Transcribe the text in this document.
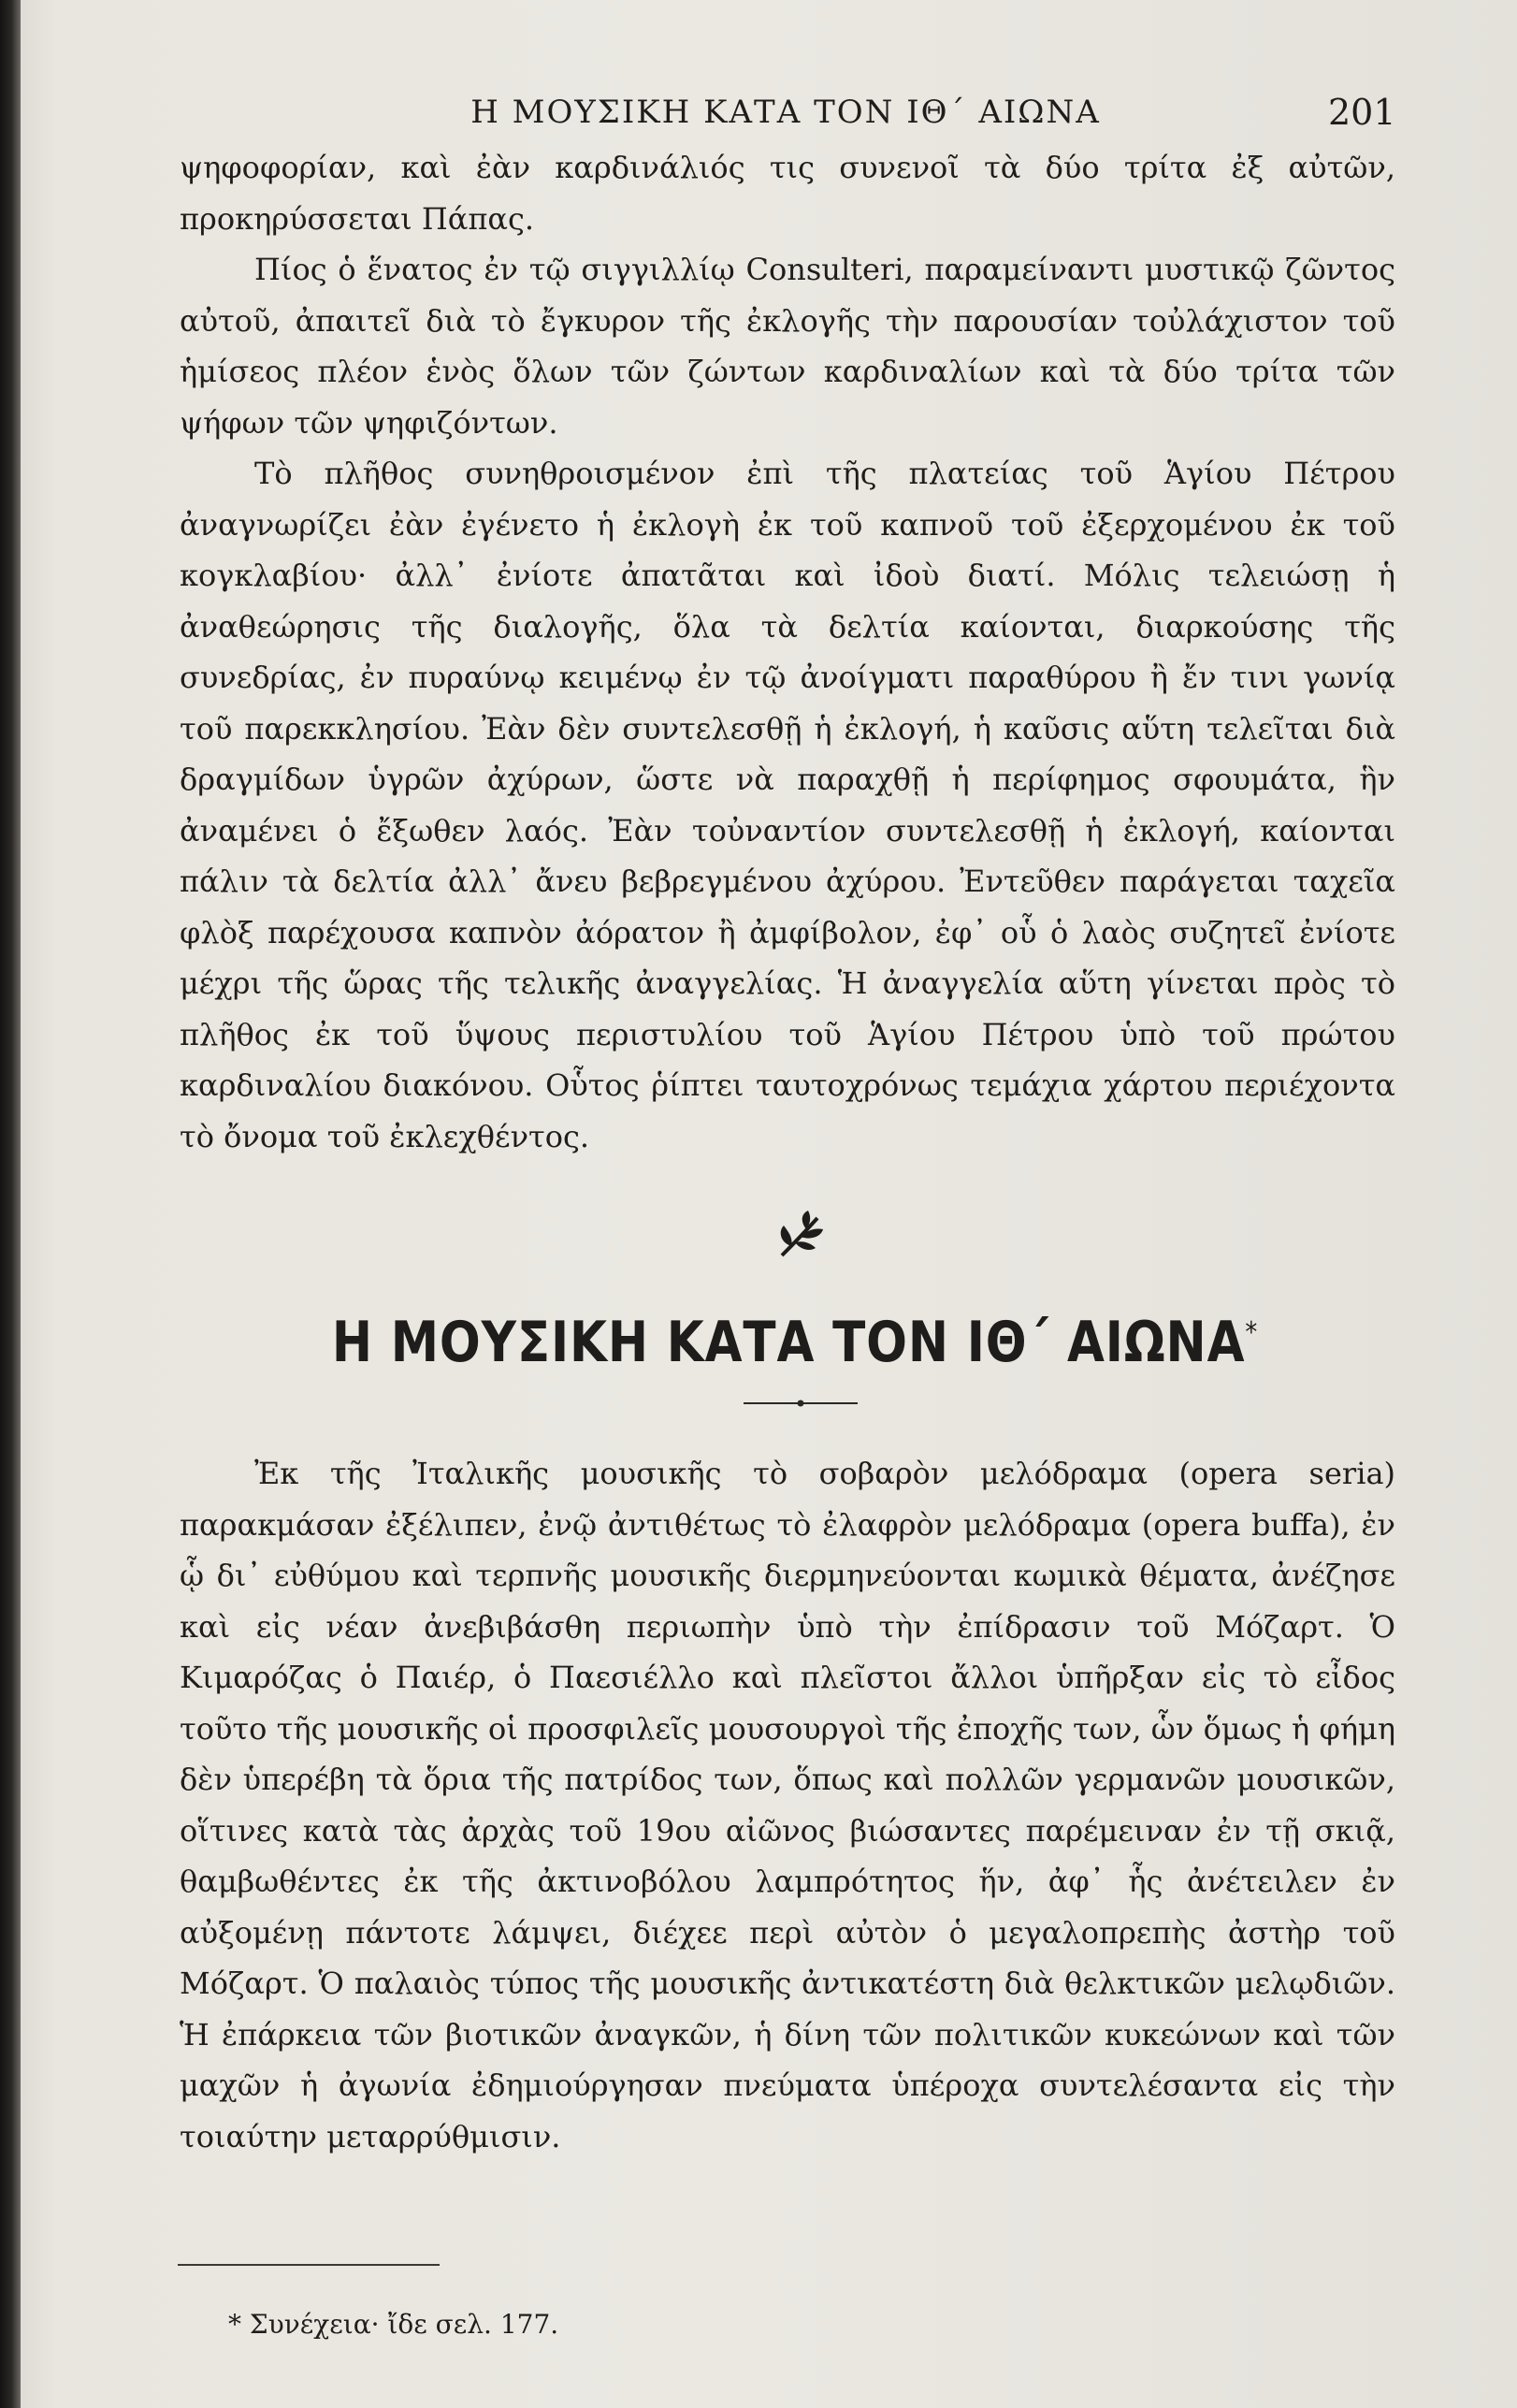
Η ΜΟΥΣΙΚΗ ΚΑΤΑ ΤΟΝ ΙΘ΄ ΑΙΩΝΑ	201

ψηφοφορίαν, καὶ ἐὰν καρδινάλιός τις συνενοῖ τὰ δύο τρίτα ἐξ αὐτῶν, προκηρύσσεται Πάπας.

Πίος ὁ ἕνατος ἐν τῷ σιγγιλλίῳ Consulteri, παραμείναντι μυστικῷ ζῶντος αὐτοῦ, ἀπαιτεῖ διὰ τὸ ἔγκυρον τῆς ἐκλογῆς τὴν παρουσίαν τοὐλάχιστον τοῦ ἡμίσεος πλέον ἑνὸς ὅλων τῶν ζώντων καρδιναλίων καὶ τὰ δύο τρίτα τῶν ψήφων τῶν ψηφιζόντων.

Τὸ πλῆθος συνηθροισμένον ἐπὶ τῆς πλατείας τοῦ Ἁγίου Πέτρου ἀναγνωρίζει ἐὰν ἐγένετο ἡ ἐκλογὴ ἐκ τοῦ καπνοῦ τοῦ ἐξερχομένου ἐκ τοῦ κογκλαβίου· ἀλλ᾿ ἐνίοτε ἀπατᾶται καὶ ἰδοὺ διατί. Μόλις τελειώσῃ ἡ ἀναθεώρησις τῆς διαλογῆς, ὅλα τὰ δελτία καίονται, διαρκούσης τῆς συνεδρίας, ἐν πυραύνῳ κειμένῳ ἐν τῷ ἀνοίγματι παραθύρου ἢ ἔν τινι γωνίᾳ τοῦ παρεκκλησίου. Ἐὰν δὲν συντελεσθῇ ἡ ἐκλογή, ἡ καῦσις αὕτη τελεῖται διὰ δραγμίδων ὑγρῶν ἀχύρων, ὥστε νὰ παραχθῇ ἡ περίφημος σφουμάτα, ἣν ἀναμένει ὁ ἔξωθεν λαός. Ἐὰν τοὐναντίον συντελεσθῇ ἡ ἐκλογή, καίονται πάλιν τὰ δελτία ἀλλ᾿ ἄνευ βεβρεγμένου ἀχύρου. Ἐντεῦθεν παράγεται ταχεῖα φλὸξ παρέχουσα καπνὸν ἀόρατον ἢ ἀμφίβολον, ἐφ᾿ οὗ ὁ λαὸς συζητεῖ ἐνίοτε μέχρι τῆς ὥρας τῆς τελικῆς ἀναγγελίας. Ἡ ἀναγγελία αὕτη γίνεται πρὸς τὸ πλῆθος ἐκ τοῦ ὕψους περιστυλίου τοῦ Ἁγίου Πέτρου ὑπὸ τοῦ πρώτου καρδιναλίου διακόνου. Οὗτος ῥίπτει ταυτοχρόνως τεμάχια χάρτου περιέχοντα τὸ ὄνομα τοῦ ἐκλεχθέντος.

Η ΜΟΥΣΙΚΗ ΚΑΤΑ ΤΟΝ ΙΘ΄ ΑΙΩΝΑ*

Ἐκ τῆς Ἰταλικῆς μουσικῆς τὸ σοβαρὸν μελόδραμα (opera seria) παρακμάσαν ἐξέλιπεν, ἐνῷ ἀντιθέτως τὸ ἐλαφρὸν μελόδραμα (opera buffa), ἐν ᾧ δι᾿ εὐθύμου καὶ τερπνῆς μουσικῆς διερμηνεύονται κωμικὰ θέματα, ἀνέζησε καὶ εἰς νέαν ἀνεβιβάσθη περιωπὴν ὑπὸ τὴν ἐπίδρασιν τοῦ Μόζαρτ. Ὁ Κιμαρόζας ὁ Παιέρ, ὁ Παεσιέλλο καὶ πλεῖστοι ἄλλοι ὑπῆρξαν εἰς τὸ εἶδος τοῦτο τῆς μουσικῆς οἱ προσφιλεῖς μουσουργοὶ τῆς ἐποχῆς των, ὧν ὅμως ἡ φήμη δὲν ὑπερέβη τὰ ὅρια τῆς πατρίδος των, ὅπως καὶ πολλῶν γερμανῶν μουσικῶν, οἵτινες κατὰ τὰς ἀρχὰς τοῦ 19ου αἰῶνος βιώσαντες παρέμειναν ἐν τῇ σκιᾷ, θαμβωθέντες ἐκ τῆς ἀκτινοβόλου λαμπρότητος ἥν, ἀφ᾿ ἧς ἀνέτειλεν ἐν αὐξομένῃ πάντοτε λάμψει, διέχεε περὶ αὐτὸν ὁ μεγαλοπρεπὴς ἀστὴρ τοῦ Μόζαρτ. Ὁ παλαιὸς τύπος τῆς μουσικῆς ἀντικατέστη διὰ θελκτικῶν μελῳδιῶν. Ἡ ἐπάρκεια τῶν βιοτικῶν ἀναγκῶν, ἡ δίνη τῶν πολιτικῶν κυκεώνων καὶ τῶν μαχῶν ἡ ἀγωνία ἐδημιούργησαν πνεύματα ὑπέροχα συντελέσαντα εἰς τὴν τοιαύτην μεταρρύθμισιν.

* Συνέχεια· ἴδε σελ. 177.
